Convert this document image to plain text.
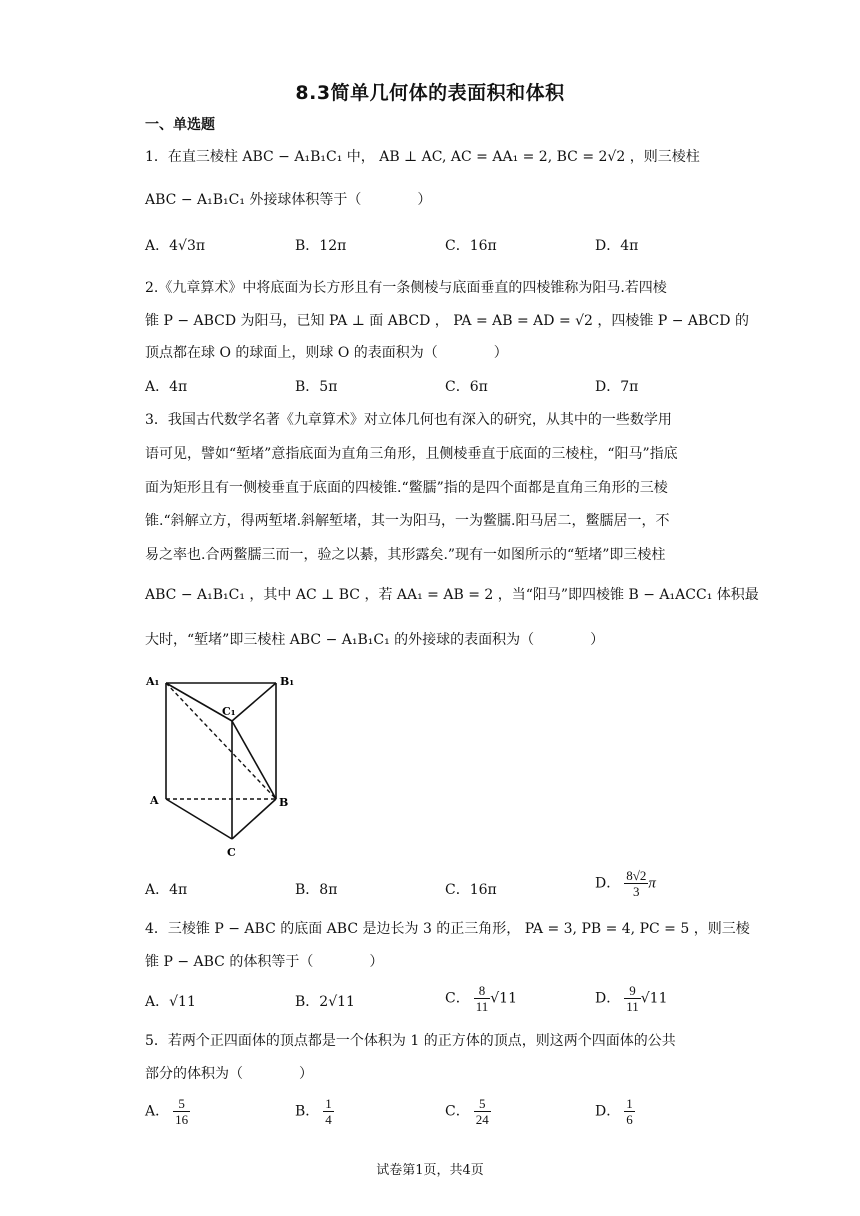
8.3简单几何体的表面积和体积
一、单选题
1．在直三棱柱 ABC − A₁B₁C₁ 中， AB ⊥ AC, AC = AA₁ = 2, BC = 2√2 ，则三棱柱
ABC − A₁B₁C₁ 外接球体积等于（　　　　）
A．4√3π	B．12π	C．16π	D．4π
2.《九章算术》中将底面为长方形且有一条侧棱与底面垂直的四棱锥称为阳马.若四棱
锥 P − ABCD 为阳马，已知 PA ⊥ 面 ABCD ， PA = AB = AD = √2 ，四棱锥 P − ABCD 的
顶点都在球 O 的球面上，则球 O 的表面积为（　　　　）
A．4π	B．5π	C．6π	D．7π
3．我国古代数学名著《九章算术》对立体几何也有深入的研究，从其中的一些数学用
语可见，譬如“堑堵”意指底面为直角三角形，且侧棱垂直于底面的三棱柱，“阳马”指底
面为矩形且有一侧棱垂直于底面的四棱锥.“鳖臑”指的是四个面都是直角三角形的三棱
锥.“斜解立方，得两堑堵.斜解堑堵，其一为阳马，一为鳖臑.阳马居二，鳖臑居一，不
易之率也.合两鳖臑三而一，验之以綦，其形露矣.”现有一如图所示的“堑堵”即三棱柱
ABC − A₁B₁C₁ ，其中 AC ⊥ BC ，若 AA₁ = AB = 2 ，当“阳马”即四棱锥 B − A₁ACC₁ 体积最
大时，“堑堵”即三棱柱 ABC − A₁B₁C₁ 的外接球的表面积为（　　　　）
A₁	B₁
C₁
A	B
C
A．4π	B．8π	C．16π	D． $\frac{8√2}{3}$ π
4．三棱锥 P − ABC 的底面 ABC 是边长为 3 的正三角形， PA = 3, PB = 4, PC = 5 ，则三棱
锥 P − ABC 的体积等于（　　　　）
A．√11	B．2√11	C． $\frac{8}{11} √11$	D． $\frac{9}{11} √11$
5．若两个正四面体的顶点都是一个体积为 1 的正方体的顶点，则这两个四面体的公共
部分的体积为（　　　　）
A． $\frac{5}{16}$	B． $\frac{1}{4}$	C． $\frac{5}{24}$	D． $\frac{1}{6}$
试卷第1页，共4页
